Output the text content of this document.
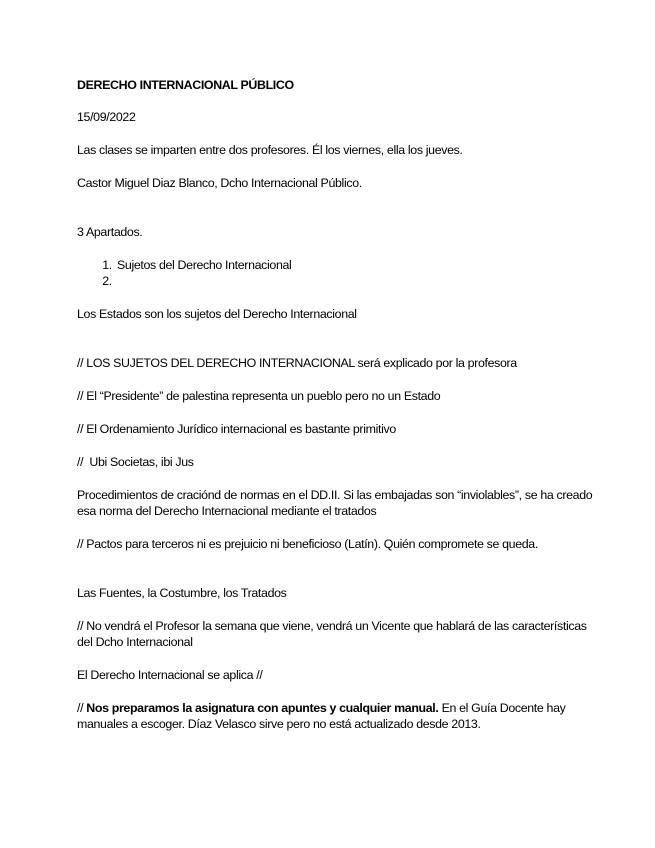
DERECHO INTERNACIONAL PÚBLICO

15/09/2022

Las clases se imparten entre dos profesores. Él los viernes, ella los jueves.

Castor Miguel Diaz Blanco, Dcho Internacional Público.

3 Apartados.

1. Sujetos del Derecho Internacional
2.

Los Estados son los sujetos del Derecho Internacional

// LOS SUJETOS DEL DERECHO INTERNACIONAL será explicado por la profesora

// El “Presidente” de palestina representa un pueblo pero no un Estado

// El Ordenamiento Jurídico internacional es bastante primitivo

//  Ubi Societas, ibi Jus

Procedimientos de craciónd de normas en el DD.II. Si las embajadas son “inviolables”, se ha creado esa norma del Derecho Internacional mediante el tratados

// Pactos para terceros ni es prejuicio ni beneficioso (Latín). Quién compromete se queda.

Las Fuentes, la Costumbre, los Tratados

// No vendrá el Profesor la semana que viene, vendrá un Vicente que hablará de las características del Dcho Internacional

El Derecho Internacional se aplica //

// Nos preparamos la asignatura con apuntes y cualquier manual. En el Guía Docente hay manuales a escoger. Díaz Velasco sirve pero no está actualizado desde 2013.
